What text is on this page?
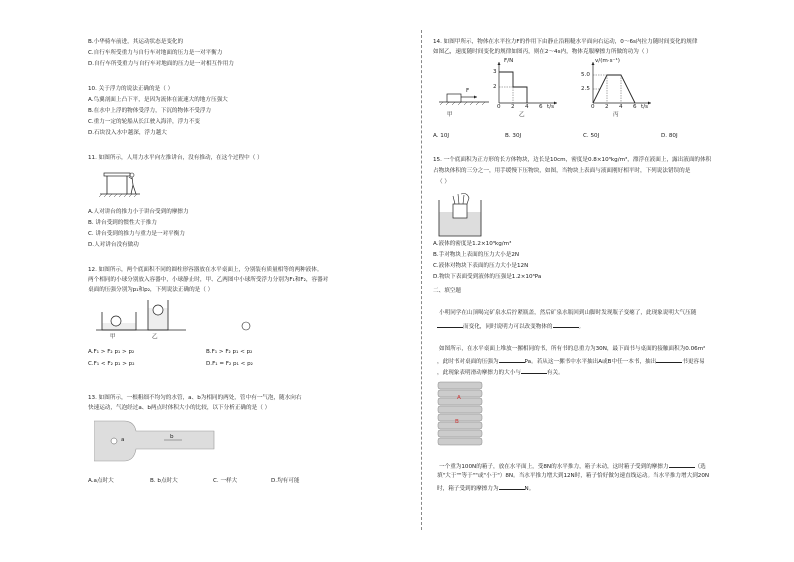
B.小华骑车前进，其运动状态是变化的
C.自行车所受重力与自行车对地面的压力是一对平衡力
D.自行车所受重力与自行车对地面的压力是一对相互作用力
10. 关于浮力的说法正确的是（ ）
A.鸟翼剖面上凸下平，是因为流体在流速大的地方压强大
B.在水中上浮的物体受浮力，下沉的物体不受浮力
C.重力一定的轮船从长江驶入海洋，浮力不变
D.石块没入水中越深，浮力越大
11. 如图所示，人用力水平向左推讲台，没有推动，在这个过程中（ ）
A.人对讲台的推力小于讲台受到的摩擦力
B. 讲台受到的惯性大于推力
C. 讲台受到的推力与重力是一对平衡力
D.人对讲台没有做功
12. 如图所示，两个底面积不同的圆柱形容器放在水平桌面上，分别装有质量相等的两种液体。
两个相同的小球分别放入容器中，小球静止时，甲、乙两图中小球所受浮力分别为F₁和F₂，容器对
桌面的压强分别为p₁和p₂，下列说法正确的是（ ）
甲	乙
A.F₁ > F₂ p₁ > p₂	B.F₁ > F₂ p₁ < p₂
C.F₁ < F₂ p₁ > p₂	D.F₁ = F₂ p₁ < p₂
13. 如图所示，一根粗细不均匀的水管，a、b为相同的两处，管中有一气泡，随水向右
快速运动，气泡经过a、b两点时体积大小的比较，以下分析正确的是（ ）
a	b
A.a点时大	B. b点时大	C. 一样大	D.均有可能
14. 如图甲所示，物体在水平拉力F的作用下由静止沿粗糙水平面向右运动，0～6s内拉力随时间变化的规律
如图乙，速度随时间变化的规律如图丙，则在2～4s内，物体克服摩擦力所做的功为（ ）
F
甲
F/N
3
2
0 2 4 6 t/s
乙
v/(m·s⁻¹)
5.0
2.5
0 2 4 6 t/s
丙
A. 10J	B. 30J	C. 50J	D. 80J
15. 一个底面积为正方形的长方体物块，边长是10cm，密度是0.8×10³kg/m³，漂浮在液面上，露出液面的体积
占物块体积的三分之一，用手缓慢下压物块，如图，当物块上表面与液面刚好相平时，下列说法错误的是
（ ）
A.液体的密度是1.2×10³kg/m³
B.手对物块上表面的压力大小是2N
C.液体对物块下表面的压力大小是12N
D.物块下表面受到液体的压强是1.2×10³Pa
二、填空题
小明同学在山顶喝完矿泉水后拧紧瓶盖，然后矿泉水瓶回到山脚时发现瓶子变瘪了，此现象说明大气压随
而变化，同时说明力可以改变物体的	。
如图所示，在水平桌面上堆放一摞相同的书，所有书的总重力为30N，最下面书与桌面的接触面积为0.06m²
，此时书对桌面的压强为	Pa。若从这一摞书中水平抽出A或B中任一本书，抽出	书更容易
，此现象表明滑动摩擦力的大小与	有关。
A
B
一个重为100N的箱子，放在水平面上，受8N的水平推力，箱子未动，这时箱子受到的摩擦力	（选
填"大于""等于""或"小于"）8N。当水平推力增大到12N时，箱子恰好做匀速直线运动。当水平推力增大到20N
时，箱子受到的摩擦力为	N。
